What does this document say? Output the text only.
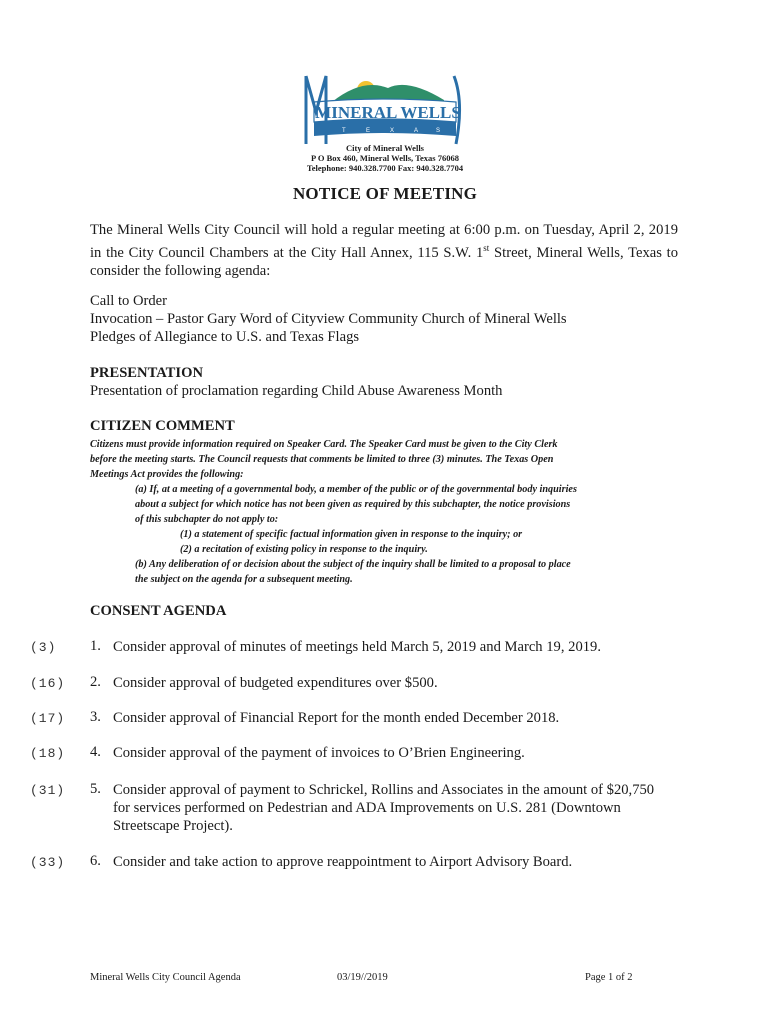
MINERAL WELLS
T	E	X	A	S
City of Mineral Wells
P O Box 460, Mineral Wells, Texas 76068
Telephone: 940.328.7700 Fax: 940.328.7704
NOTICE OF MEETING

The Mineral Wells City Council will hold a regular meeting at 6:00 p.m. on Tuesday, April 2, 2019 in the City Council Chambers at the City Hall Annex, 115 S.W. 1st Street, Mineral Wells, Texas to consider the following agenda:

Call to Order
Invocation – Pastor Gary Word of Cityview Community Church of Mineral Wells
Pledges of Allegiance to U.S. and Texas Flags
PRESENTATION
Presentation of proclamation regarding Child Abuse Awareness Month
CITIZEN COMMENT
Citizens must provide information required on Speaker Card. The Speaker Card must be given to the City Clerk
before the meeting starts. The Council requests that comments be limited to three (3) minutes. The Texas Open
Meetings Act provides the following:
(a) If, at a meeting of a governmental body, a member of the public or of the governmental body inquiries
about a subject for which notice has not been given as required by this subchapter, the notice provisions
of this subchapter do not apply to:
(1) a statement of specific factual information given in response to the inquiry; or
(2) a recitation of existing policy in response to the inquiry.
(b) Any deliberation of or decision about the subject of the inquiry shall be limited to a proposal to place
the subject on the agenda for a subsequent meeting.
CONSENT AGENDA
(3) 1. Consider approval of minutes of meetings held March 5, 2019 and March 19, 2019.
(16) 2. Consider approval of budgeted expenditures over $500.
(17) 3. Consider approval of Financial Report for the month ended December 2018.
(18) 4. Consider approval of the payment of invoices to O’Brien Engineering.
(31) 5. Consider approval of payment to Schrickel, Rollins and Associates in the amount of $20,750
for services performed on Pedestrian and ADA Improvements on U.S. 281 (Downtown
Streetscape Project).
(33) 6. Consider and take action to approve reappointment to Airport Advisory Board.
Mineral Wells City Council Agenda	03/19//2019	Page 1 of 2
